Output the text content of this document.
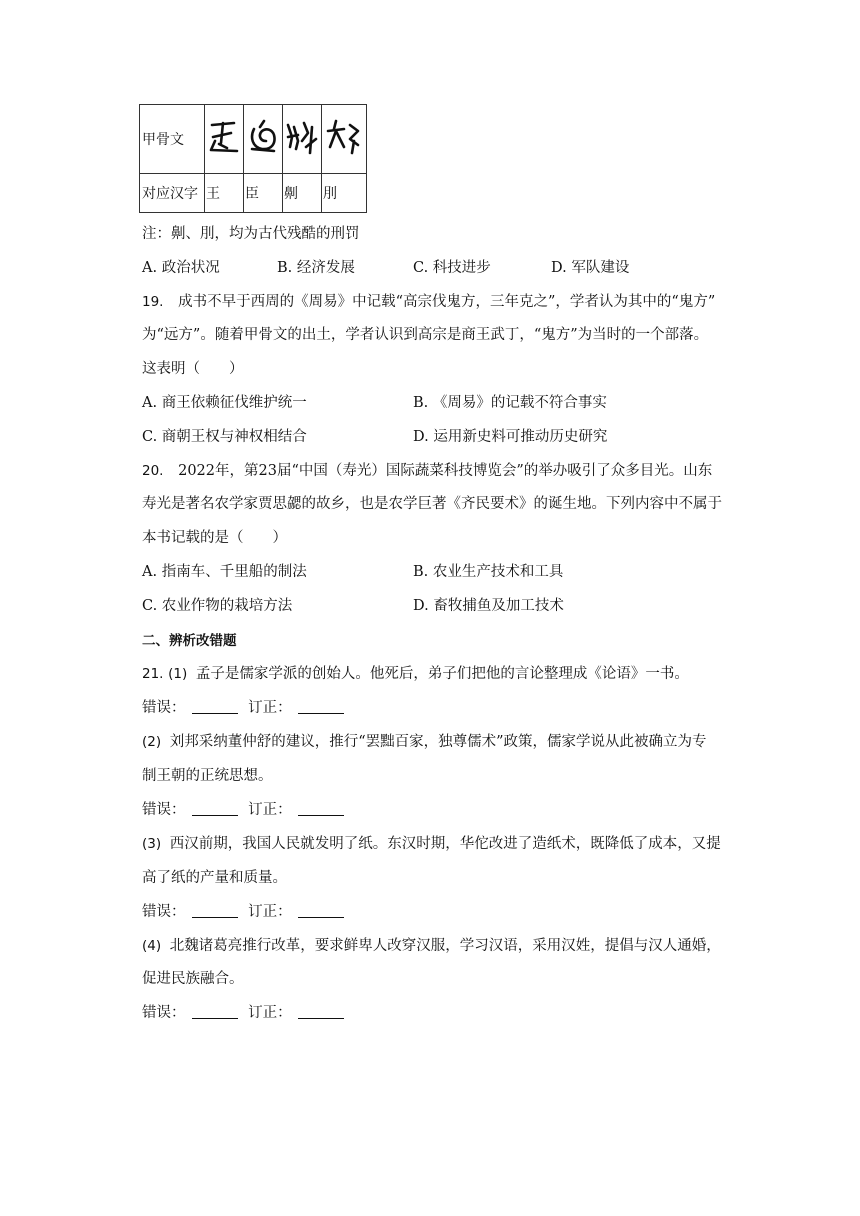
甲骨文				
对应汉字	王	臣	劓	刖
注：劓、刖，均为古代残酷的刑罚
A. 政治状况	B. 经济发展	C. 科技进步	D. 军队建设
19. 成书不早于西周的《周易》中记载“高宗伐鬼方，三年克之”，学者认为其中的“鬼方”
为“远方”。随着甲骨文的出土，学者认识到高宗是商王武丁，“鬼方”为当时的一个部落。
这表明（　　）
A. 商王依赖征伐维护统一	B. 《周易》的记载不符合事实
C. 商朝王权与神权相结合	D. 运用新史料可推动历史研究
20. 2022年，第23届“中国（寿光）国际蔬菜科技博览会”的举办吸引了众多目光。山东
寿光是著名农学家贾思勰的故乡，也是农学巨著《齐民要术》的诞生地。下列内容中不属于
本书记载的是（　　）
A. 指南车、千里船的制法	B. 农业生产技术和工具
C. 农业作物的栽培方法	D. 畜牧捕鱼及加工技术
二、辨析改错题
21. (1) 孟子是儒家学派的创始人。他死后，弟子们把他的言论整理成《论语》一书。
错误：	订正：
(2) 刘邦采纳董仲舒的建议，推行“罢黜百家，独尊儒术”政策，儒家学说从此被确立为专
制王朝的正统思想。
错误：	订正：
(3) 西汉前期，我国人民就发明了纸。东汉时期，华佗改进了造纸术，既降低了成本，又提
高了纸的产量和质量。
错误：	订正：
(4) 北魏诸葛亮推行改革，要求鲜卑人改穿汉服，学习汉语，采用汉姓，提倡与汉人通婚，
促进民族融合。
错误：	订正：
